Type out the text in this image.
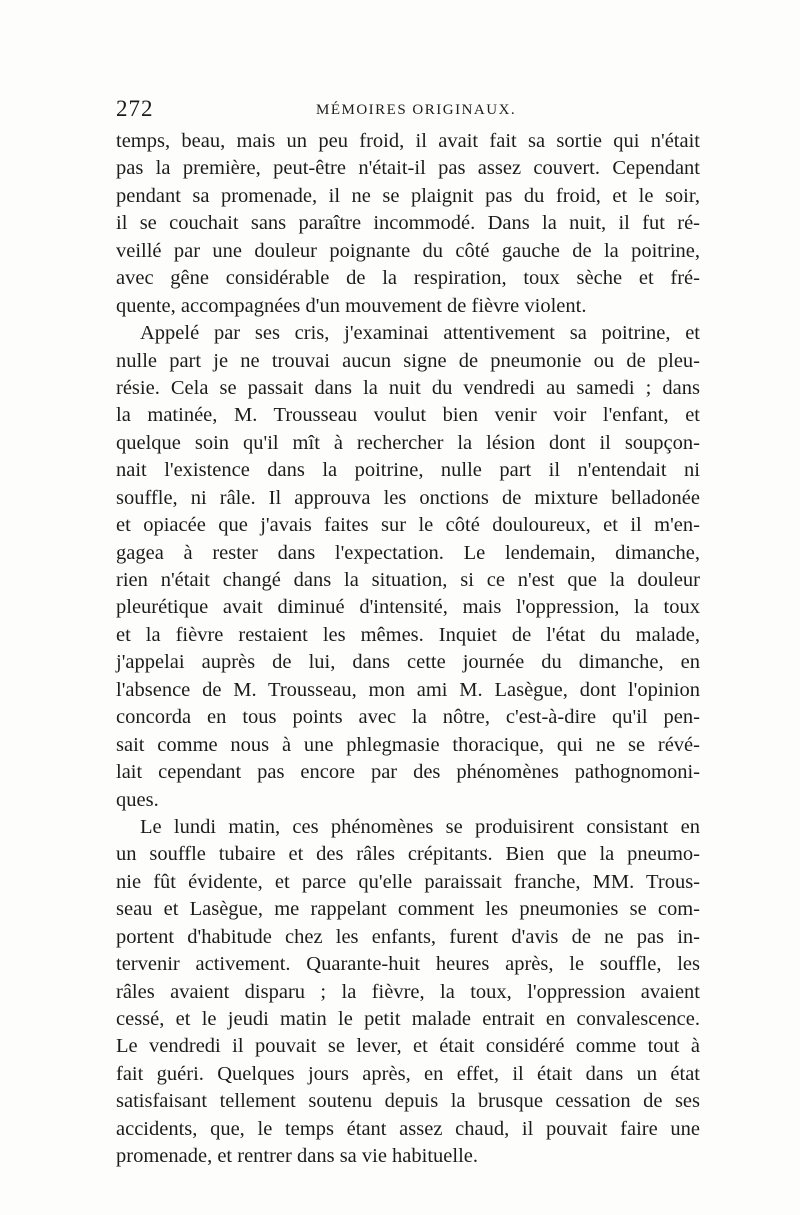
272	MÉMOIRES ORIGINAUX.
temps, beau, mais un peu froid, il avait fait sa sortie qui n'était
pas la première, peut-être n'était-il pas assez couvert. Cependant
pendant sa promenade, il ne se plaignit pas du froid, et le soir,
il se couchait sans paraître incommodé. Dans la nuit, il fut ré-
veillé par une douleur poignante du côté gauche de la poitrine,
avec gêne considérable de la respiration, toux sèche et fré-
quente, accompagnées d'un mouvement de fièvre violent.
Appelé par ses cris, j'examinai attentivement sa poitrine, et
nulle part je ne trouvai aucun signe de pneumonie ou de pleu-
résie. Cela se passait dans la nuit du vendredi au samedi ; dans
la matinée, M. Trousseau voulut bien venir voir l'enfant, et
quelque soin qu'il mît à rechercher la lésion dont il soupçon-
nait l'existence dans la poitrine, nulle part il n'entendait ni
souffle, ni râle. Il approuva les onctions de mixture belladonée
et opiacée que j'avais faites sur le côté douloureux, et il m'en-
gagea à rester dans l'expectation. Le lendemain, dimanche,
rien n'était changé dans la situation, si ce n'est que la douleur
pleurétique avait diminué d'intensité, mais l'oppression, la toux
et la fièvre restaient les mêmes. Inquiet de l'état du malade,
j'appelai auprès de lui, dans cette journée du dimanche, en
l'absence de M. Trousseau, mon ami M. Lasègue, dont l'opinion
concorda en tous points avec la nôtre, c'est-à-dire qu'il pen-
sait comme nous à une phlegmasie thoracique, qui ne se révé-
lait cependant pas encore par des phénomènes pathognomoni-
ques.
Le lundi matin, ces phénomènes se produisirent consistant en
un souffle tubaire et des râles crépitants. Bien que la pneumo-
nie fût évidente, et parce qu'elle paraissait franche, MM. Trous-
seau et Lasègue, me rappelant comment les pneumonies se com-
portent d'habitude chez les enfants, furent d'avis de ne pas in-
tervenir activement. Quarante-huit heures après, le souffle, les
râles avaient disparu ; la fièvre, la toux, l'oppression avaient
cessé, et le jeudi matin le petit malade entrait en convalescence.
Le vendredi il pouvait se lever, et était considéré comme tout à
fait guéri. Quelques jours après, en effet, il était dans un état
satisfaisant tellement soutenu depuis la brusque cessation de ses
accidents, que, le temps étant assez chaud, il pouvait faire une
promenade, et rentrer dans sa vie habituelle.
